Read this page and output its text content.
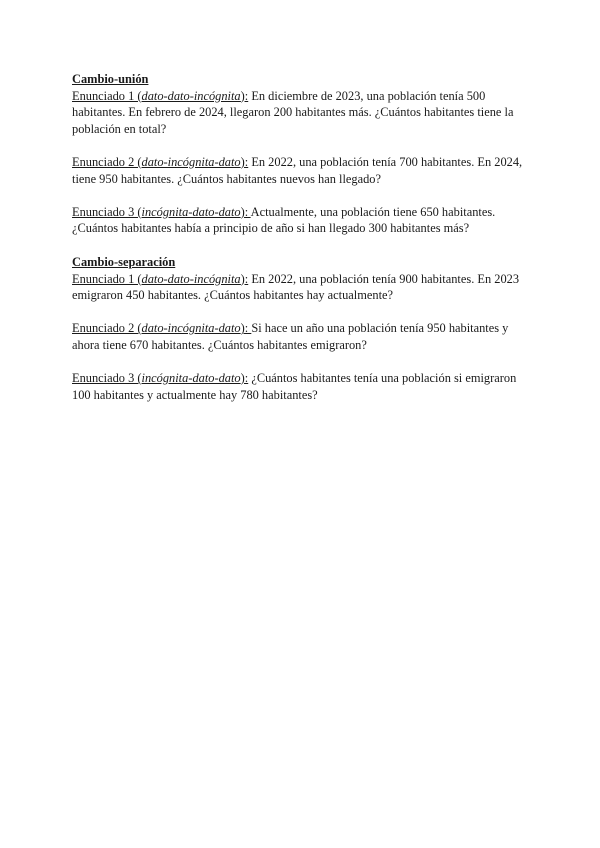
Cambio-unión

Enunciado 1 (dato-dato-incógnita): En diciembre de 2023, una población tenía 500 habitantes. En febrero de 2024, llegaron 200 habitantes más. ¿Cuántos habitantes tiene la población en total?

Enunciado 2 (dato-incógnita-dato): En 2022, una población tenía 700 habitantes. En 2024, tiene 950 habitantes. ¿Cuántos habitantes nuevos han llegado?

Enunciado 3 (incógnita-dato-dato): Actualmente, una población tiene 650 habitantes. ¿Cuántos habitantes había a principio de año si han llegado 300 habitantes más?

Cambio-separación

Enunciado 1 (dato-dato-incógnita): En 2022, una población tenía 900 habitantes. En 2023 emigraron 450 habitantes. ¿Cuántos habitantes hay actualmente?

Enunciado 2 (dato-incógnita-dato): Si hace un año una población tenía 950 habitantes y ahora tiene 670 habitantes. ¿Cuántos habitantes emigraron?

Enunciado 3 (incógnita-dato-dato): ¿Cuántos habitantes tenía una población si emigraron 100 habitantes y actualmente hay 780 habitantes?
